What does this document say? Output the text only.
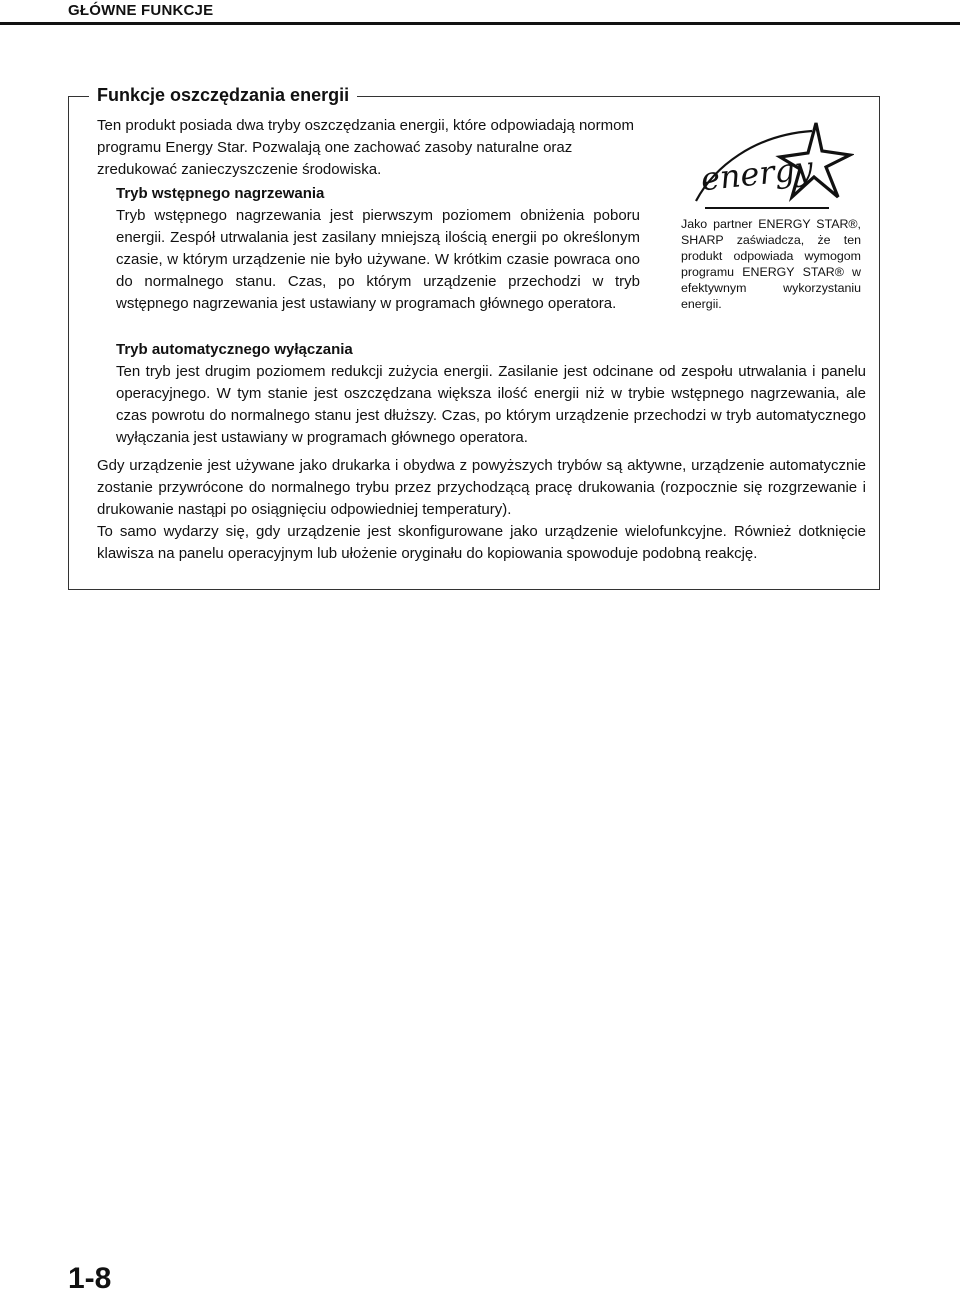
GŁÓWNE FUNKCJE
Funkcje oszczędzania energii

Ten produkt posiada dwa tryby oszczędzania energii, które odpowiadają normom programu Energy Star. Pozwalają one zachować zasoby naturalne oraz zredukować zanieczyszczenie środowiska.

Tryb wstępnego nagrzewania

Tryb wstępnego nagrzewania jest pierwszym poziomem obniżenia poboru energii. Zespół utrwalania jest zasilany mniejszą ilością energii po określonym czasie, w którym urządzenie nie było używane. W krótkim czasie powraca ono do normalnego stanu. Czas, po którym urządzenie przechodzi w tryb wstępnego nagrzewania jest ustawiany w programach głównego operatora.

Tryb automatycznego wyłączania

Ten tryb jest drugim poziomem redukcji zużycia energii. Zasilanie jest odcinane od zespołu utrwalania i panelu operacyjnego. W tym stanie jest oszczędzana większa ilość energii niż w trybie wstępnego nagrzewania, ale czas powrotu do normalnego stanu jest dłuższy. Czas, po którym urządzenie przechodzi w tryb automatycznego wyłączania jest ustawiany w programach głównego operatora.

Gdy urządzenie jest używane jako drukarka i obydwa z powyższych trybów są aktywne, urządzenie automatycznie zostanie przywrócone do normalnego trybu przez przychodzącą pracę drukowania (rozpocznie się rozgrzewanie i drukowanie nastąpi po osiągnięciu odpowiedniej temperatury).

To samo wydarzy się, gdy urządzenie jest skonfigurowane jako urządzenie wielofunkcyjne. Również dotknięcie klawisza na panelu operacyjnym lub ułożenie oryginału do kopiowania spowoduje podobną reakcję.

energy

Jako partner ENERGY STAR®, SHARP zaświadcza, że ten produkt odpowiada wymogom programu ENERGY STAR® w efektywnym wykorzystaniu energii.

1-8
